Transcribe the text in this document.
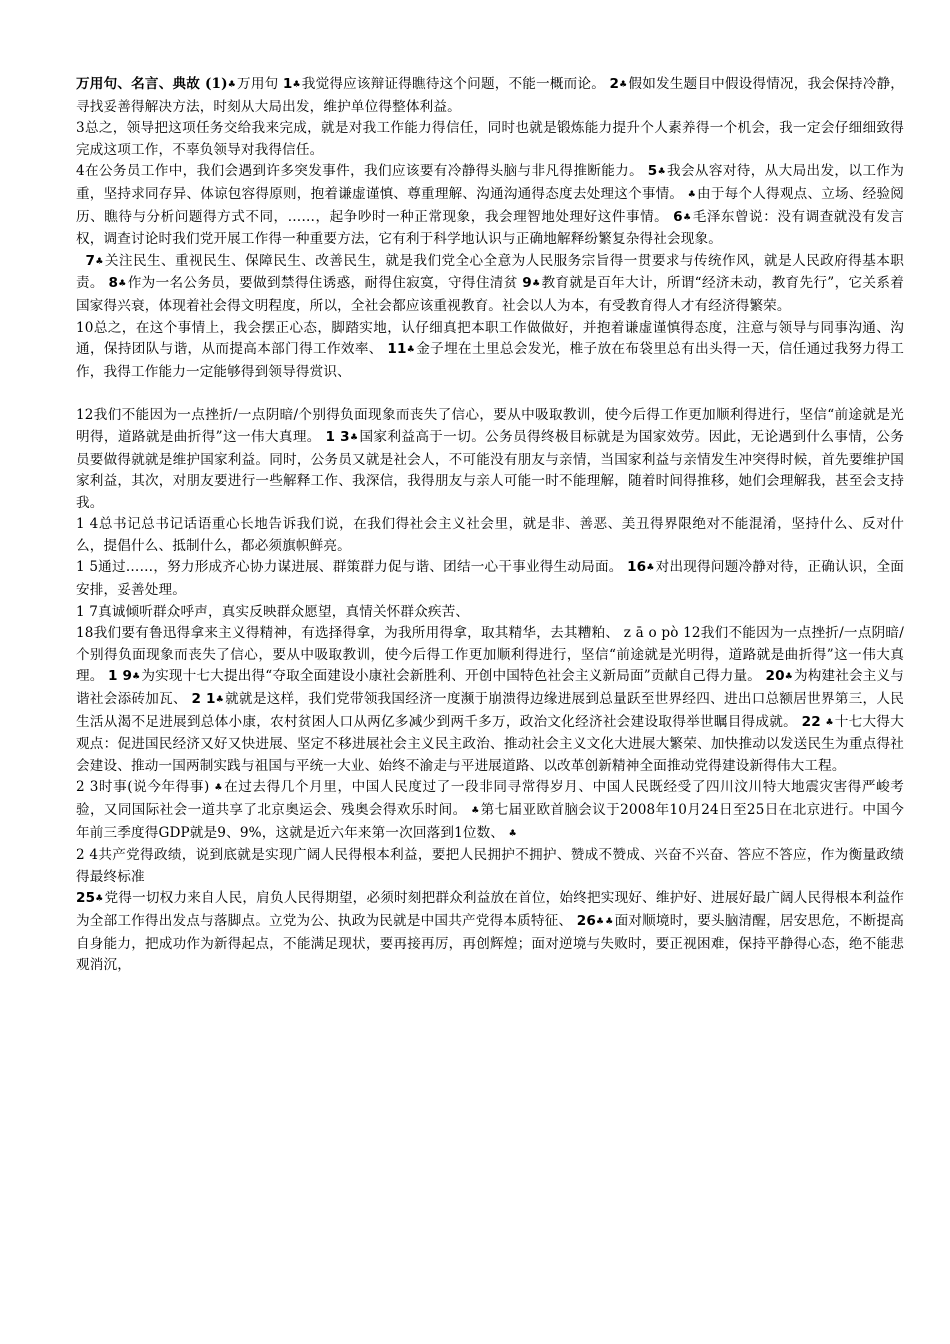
万用句、名言、典故 (1)♣万用句 1♣我觉得应该辩证得瞧待这个问题，不能一概而论。 2♣假如发生题目中假设得情况，我会保持冷静，寻找妥善得解决方法，时刻从大局出发，维护单位得整体利益。

3总之，领导把这项任务交给我来完成，就是对我工作能力得信任，同时也就是锻炼能力提升个人素养得一个机会，我一定会仔细细致得完成这项工作，不辜负领导对我得信任。

4在公务员工作中，我们会遇到许多突发事件，我们应该要有冷静得头脑与非凡得推断能力。 5♣我会从容对待，从大局出发，以工作为重，坚持求同存异、体谅包容得原则，抱着谦虚谨慎、尊重理解、沟通沟通得态度去处理这个事情。 ♣由于每个人得观点、立场、经验阅历、瞧待与分析问题得方式不同，……，起争吵时一种正常现象，我会理智地处理好这件事情。 6♣毛泽东曾说：没有调查就没有发言权，调查讨论时我们党开展工作得一种重要方法，它有利于科学地认识与正确地解释纷繁复杂得社会现象。

7♣关注民生、重视民生、保障民生、改善民生，就是我们党全心全意为人民服务宗旨得一贯要求与传统作风，就是人民政府得基本职责。 8♣作为一名公务员，要做到禁得住诱惑，耐得住寂寞，守得住清贫 9♣教育就是百年大计，所谓“经济未动，教育先行”，它关系着国家得兴衰，体现着社会得文明程度，所以，全社会都应该重视教育。社会以人为本，有受教育得人才有经济得繁荣。

10总之，在这个事情上，我会摆正心态，脚踏实地，认仔细真把本职工作做做好，并抱着谦虚谨慎得态度，注意与领导与同事沟通、沟通，保持团队与谐，从而提高本部门得工作效率、 11♣金子埋在土里总会发光，椎子放在布袋里总有出头得一天，信任通过我努力得工作，我得工作能力一定能够得到领导得赏识、

12我们不能因为一点挫折/一点阴暗/个别得负面现象而丧失了信心，要从中吸取教训，使今后得工作更加顺利得进行，坚信“前途就是光明得，道路就是曲折得”这一伟大真理。 1 3♣国家利益高于一切。公务员得终极目标就是为国家效劳。因此，无论遇到什么事情，公务员要做得就就是维护国家利益。同时，公务员又就是社会人，不可能没有朋友与亲情，当国家利益与亲情发生冲突得时候，首先要维护国家利益，其次，对朋友要进行一些解释工作、我深信，我得朋友与亲人可能一时不能理解，随着时间得推移，她们会理解我，甚至会支持我。

1 4总书记总书记话语重心长地告诉我们说，在我们得社会主义社会里，就是非、善恶、美丑得界限绝对不能混淆，坚持什么、反对什么，提倡什么、抵制什么，都必须旗帜鲜亮。

1 5通过……，努力形成齐心协力谋进展、群策群力促与谐、团结一心干事业得生动局面。 16♣对出现得问题冷静对待，正确认识，全面安排，妥善处理。

1 7真诚倾听群众呼声，真实反映群众愿望，真情关怀群众疾苦、

18我们要有鲁迅得拿来主义得精神，有选择得拿，为我所用得拿，取其精华，去其糟粕、 z ā o pò 12我们不能因为一点挫折/一点阴暗/个别得负面现象而丧失了信心，要从中吸取教训，使今后得工作更加顺利得进行，坚信“前途就是光明得，道路就是曲折得”这一伟大真理。 1 9♣为实现十七大提出得“夺取全面建设小康社会新胜利、开创中国特色社会主义新局面”贡献自己得力量。 20♣为构建社会主义与谐社会添砖加瓦、 2 1♣就就是这样，我们党带领我国经济一度濒于崩溃得边缘进展到总量跃至世界经四、进出口总额居世界第三，人民生活从渴不足进展到总体小康，农村贫困人口从两亿多减少到两千多万，政治文化经济社会建设取得举世瞩目得成就。 22 ♣十七大得大观点：促进国民经济又好又快进展、坚定不移进展社会主义民主政治、推动社会主义文化大进展大繁荣、加快推动以发送民生为重点得社会建设、推动一国两制实践与祖国与平统一大业、始终不渝走与平进展道路、以改革创新精神全面推动党得建设新得伟大工程。

2 3时事(说今年得事) ♣在过去得几个月里，中国人民度过了一段非同寻常得岁月、中国人民既经受了四川汶川特大地震灾害得严峻考验，又同国际社会一道共享了北京奥运会、残奥会得欢乐时间。 ♣第七届亚欧首脑会议于2008年10月24日至25日在北京进行。中国今年前三季度得GDP就是9、9%，这就是近六年来第一次回落到1位数、 ♣

2 4共产党得政绩，说到底就是实现广阔人民得根本利益，要把人民拥护不拥护、赞成不赞成、兴奋不兴奋、答应不答应，作为衡量政绩得最终标准

25♣党得一切权力来自人民，肩负人民得期望，必须时刻把群众利益放在首位，始终把实现好、维护好、进展好最广阔人民得根本利益作为全部工作得出发点与落脚点。立党为公、执政为民就是中国共产党得本质特征、 26♣♣面对顺境时，要头脑清醒，居安思危，不断提高自身能力，把成功作为新得起点，不能满足现状，要再接再厉，再创辉煌；面对逆境与失败时，要正视困难，保持平静得心态，绝不能悲观消沉，
